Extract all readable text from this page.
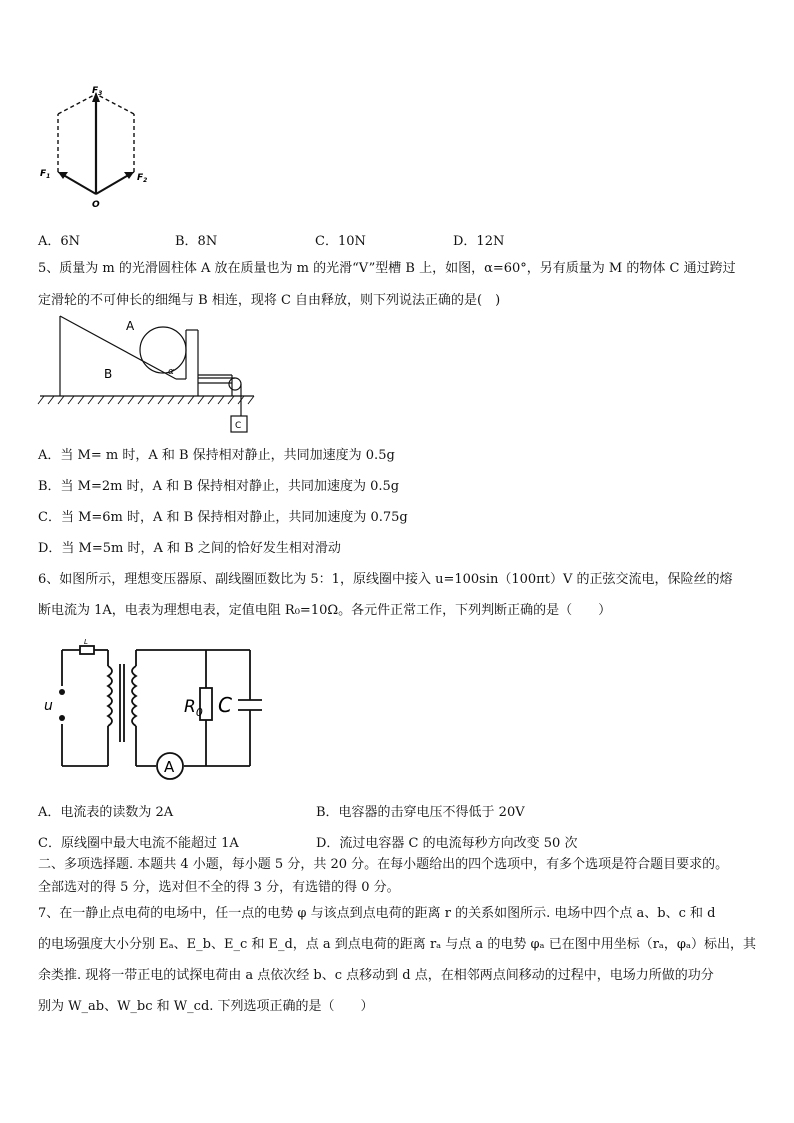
$F_3$
$F_1$	$F_2$
O
A．6N	B．8N	C．10N	D．12N
5、质量为 m 的光滑圆柱体 A 放在质量也为 m 的光滑“V”型槽 B 上，如图，α=60°，另有质量为 M 的物体 C 通过跨过
定滑轮的不可伸长的细绳与 B 相连，现将 C 自由释放，则下列说法正确的是(　)
A
B	α
C
A．当 M= m 时，A 和 B 保持相对静止，共同加速度为 0.5g
B．当 M=2m 时，A 和 B 保持相对静止，共同加速度为 0.5g
C．当 M=6m 时，A 和 B 保持相对静止，共同加速度为 0.75g
D．当 M=5m 时，A 和 B 之间的恰好发生相对滑动
6、如图所示，理想变压器原、副线圈匝数比为 5：1，原线圈中接入 u=100sin（100πt）V 的正弦交流电，保险丝的熔
断电流为 1A，电表为理想电表，定值电阻 R₀=10Ω。各元件正常工作，下列判断正确的是（　　）
L
u	$R_0$ C
A
A．电流表的读数为 2A	B．电容器的击穿电压不得低于 20V
C．原线圈中最大电流不能超过 1A	D．流过电容器 C 的电流每秒方向改变 50 次
二、多项选择题. 本题共 4 小题，每小题 5 分，共 20 分。在每小题给出的四个选项中，有多个选项是符合题目要求的。
全部选对的得 5 分，选对但不全的得 3 分，有选错的得 0 分。
7、在一静止点电荷的电场中，任一点的电势 φ 与该点到点电荷的距离 r 的关系如图所示. 电场中四个点 a、b、c 和 d
的电场强度大小分别 Eₐ、E_b、E_c 和 E_d，点 a 到点电荷的距离 rₐ 与点 a 的电势 φₐ 已在图中用坐标（rₐ，φₐ）标出，其
余类推. 现将一带正电的试探电荷由 a 点依次经 b、c 点移动到 d 点，在相邻两点间移动的过程中，电场力所做的功分
别为 W_ab、W_bc 和 W_cd. 下列选项正确的是（　　）
